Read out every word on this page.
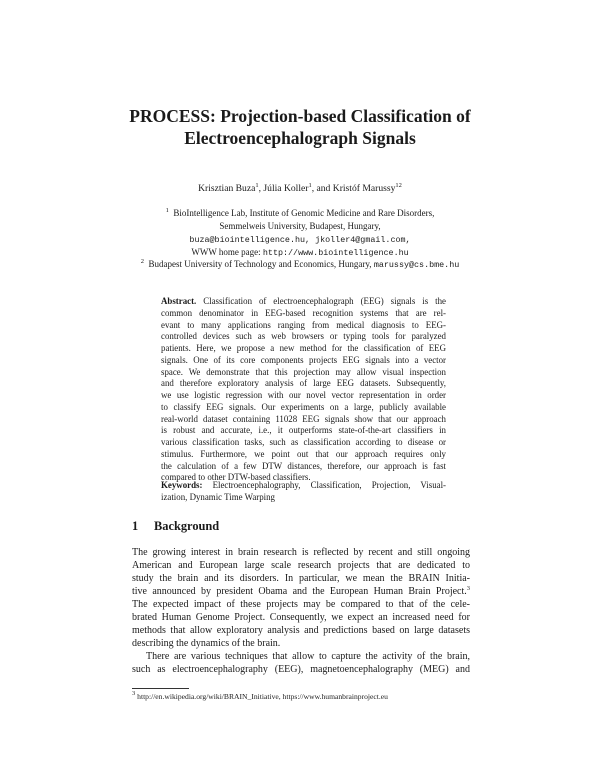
PROCESS: Projection-based Classification of
Electroencephalograph Signals
Krisztian Buza$^1$, Júlia Koller$^1$, and Kristóf Marussy$^{12}$
$^1$ BioIntelligence Lab, Institute of Genomic Medicine and Rare Disorders,
Semmelweis University, Budapest, Hungary,
buza@biointelligence.hu, jkoller4@gmail.com,
WWW home page: http://www.biointelligence.hu
$^2$ Budapest University of Technology and Economics, Hungary, marussy@cs.bme.hu
Abstract. Classification of electroencephalograph (EEG) signals is the
common denominator in EEG-based recognition systems that are rel-
evant to many applications ranging from medical diagnosis to EEG-
controlled devices such as web browsers or typing tools for paralyzed
patients. Here, we propose a new method for the classification of EEG
signals. One of its core components projects EEG signals into a vector
space. We demonstrate that this projection may allow visual inspection
and therefore exploratory analysis of large EEG datasets. Subsequently,
we use logistic regression with our novel vector representation in order
to classify EEG signals. Our experiments on a large, publicly available
real-world dataset containing 11028 EEG signals show that our approach
is robust and accurate, i.e., it outperforms state-of-the-art classifiers in
various classification tasks, such as classification according to disease or
stimulus. Furthermore, we point out that our approach requires only
the calculation of a few DTW distances, therefore, our approach is fast
compared to other DTW-based classifiers.
Keywords: Electroencephalography, Classification, Projection, Visual-
ization, Dynamic Time Warping
1 Background
The growing interest in brain research is reflected by recent and still ongoing
American and European large scale research projects that are dedicated to
study the brain and its disorders. In particular, we mean the BRAIN Initia-
tive announced by president Obama and the European Human Brain Project.$^3$
The expected impact of these projects may be compared to that of the cele-
brated Human Genome Project. Consequently, we expect an increased need for
methods that allow exploratory analysis and predictions based on large datasets
describing the dynamics of the brain.
There are various techniques that allow to capture the activity of the brain,
such as electroencephalography (EEG), magnetoencephalography (MEG) and
$^3$ http://en.wikipedia.org/wiki/BRAIN_Initiative, https://www.humanbrainproject.eu
